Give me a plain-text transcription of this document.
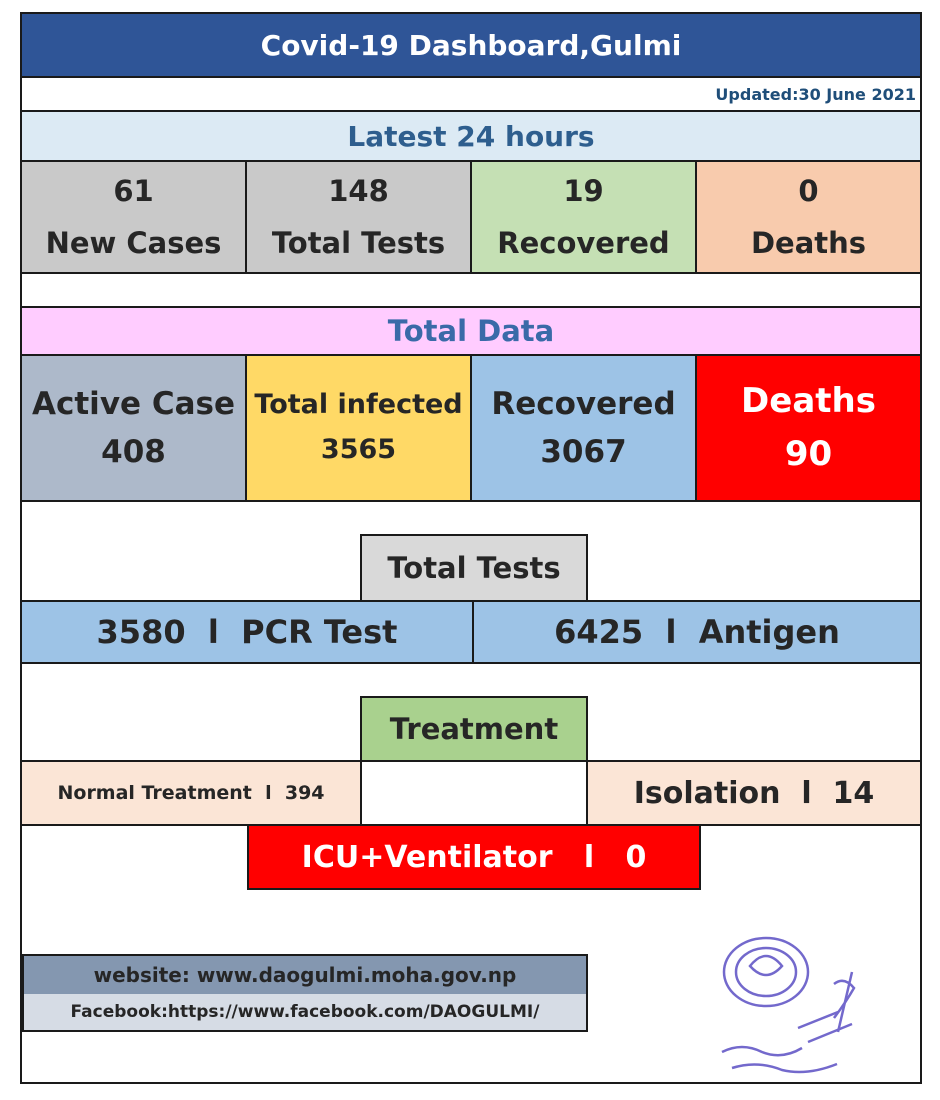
Covid-19 Dashboard,Gulmi
Updated:30 June 2021
Latest 24 hours
61
New Cases
148
Total Tests
19
Recovered
0
Deaths
Total Data
Active Case
408
Total infected
3565
Recovered
3067
Deaths
90
Total Tests
3580  l  PCR Test	6425  l  Antigen
Treatment
Normal Treatment  l  394	Isolation  l  14
ICU+Ventilator   l   0
website: www.daogulmi.moha.gov.np
Facebook:https://www.facebook.com/DAOGULMI/
